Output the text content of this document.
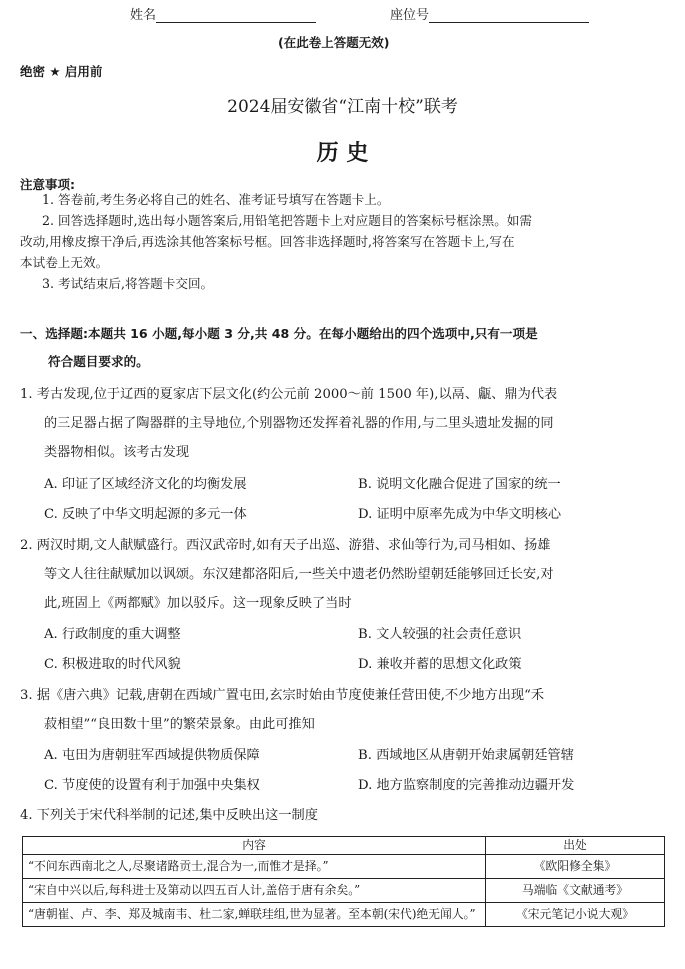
姓名	座位号
(在此卷上答题无效)
绝密 ★ 启用前
2024届安徽省“江南十校”联考
历 史
注意事项:
1. 答卷前,考生务必将自己的姓名、准考证号填写在答题卡上。
2. 回答选择题时,选出每小题答案后,用铅笔把答题卡上对应题目的答案标号框涂黑。如需
改动,用橡皮擦干净后,再选涂其他答案标号框。回答非选择题时,将答案写在答题卡上,写在
本试卷上无效。
3. 考试结束后,将答题卡交回。
一、选择题:本题共 16 小题,每小题 3 分,共 48 分。在每小题给出的四个选项中,只有一项是
符合题目要求的。
1. 考古发现,位于辽西的夏家店下层文化(约公元前 2000～前 1500 年),以鬲、甗、鼎为代表
的三足器占据了陶器群的主导地位,个别器物还发挥着礼器的作用,与二里头遗址发掘的同
类器物相似。该考古发现
A. 印证了区域经济文化的均衡发展	B. 说明文化融合促进了国家的统一
C. 反映了中华文明起源的多元一体	D. 证明中原率先成为中华文明核心
2. 两汉时期,文人献赋盛行。西汉武帝时,如有天子出巡、游猎、求仙等行为,司马相如、扬雄
等文人往往献赋加以讽颂。东汉建都洛阳后,一些关中遗老仍然盼望朝廷能够回迁长安,对
此,班固上《两都赋》加以驳斥。这一现象反映了当时
A. 行政制度的重大调整	B. 文人较强的社会责任意识
C. 积极进取的时代风貌	D. 兼收并蓄的思想文化政策
3. 据《唐六典》记载,唐朝在西域广置屯田,玄宗时始由节度使兼任营田使,不少地方出现“禾
菽相望”“良田数十里”的繁荣景象。由此可推知
A. 屯田为唐朝驻军西域提供物质保障	B. 西域地区从唐朝开始隶属朝廷管辖
C. 节度使的设置有利于加强中央集权	D. 地方监察制度的完善推动边疆开发
4. 下列关于宋代科举制的记述,集中反映出这一制度
内容	出处
“不问东西南北之人,尽聚诸路贡士,混合为一,而惟才是择。”	《欧阳修全集》
“宋自中兴以后,每科进士及第动以四五百人计,盖倍于唐有余矣。”	马端临《文献通考》
“唐朝崔、卢、李、郑及城南韦、杜二家,蝉联珪组,世为显著。至本朝(宋代)绝无闻人。”	《宋元笔记小说大观》
